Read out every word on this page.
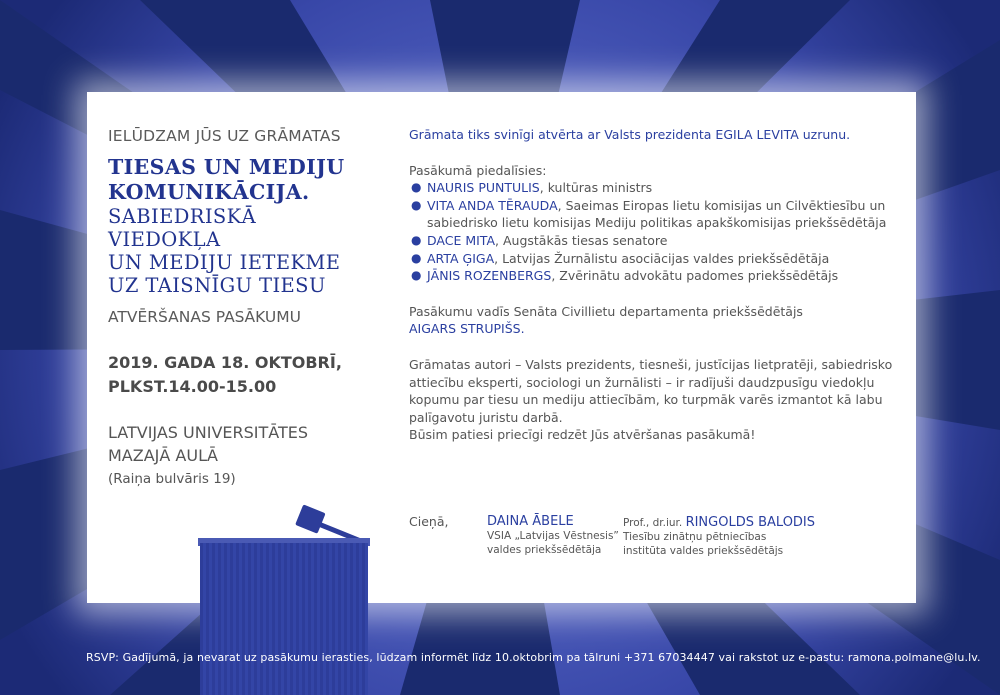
IELŪDZAM JŪS UZ GRĀMATAS
TIESAS UN MEDIJU
KOMUNIKĀCIJA.
SABIEDRISKĀ
VIEDOKĻA
UN MEDIJU IETEKME
UZ TAISNĪGU TIESU
ATVĒRŠANAS PASĀKUMU
2019. GADA 18. OKTOBRĪ,
PLKST.14.00-15.00
LATVIJAS UNIVERSITĀTES
MAZAJĀ AULĀ
(Raiņa bulvāris 19)
Grāmata tiks svinīgi atvērta ar Valsts prezidenta EGILA LEVITA uzrunu.
Pasākumā piedalīsies:
● NAURIS PUNTULIS, kultūras ministrs
● VITA ANDA TĒRAUDA, Saeimas Eiropas lietu komisijas un Cilvēktiesību un sabiedrisko lietu komisijas Mediju politikas apakškomisijas priekšsēdētāja
● DACE MITA, Augstākās tiesas senatore
● ARTA ĢIGA, Latvijas Žurnālistu asociācijas valdes priekšsēdētāja
● JĀNIS ROZENBERGS, Zvērinātu advokātu padomes priekšsēdētājs
Pasākumu vadīs Senāta Civillietu departamenta priekšsēdētājs
AIGARS STRUPIŠS.
Grāmatas autori – Valsts prezidents, tiesneši, justīcijas lietpratēji, sabiedrisko attiecību eksperti, sociologi un žurnālisti – ir radījuši daudzpusīgu viedokļu kopumu par tiesu un mediju attiecībām, ko turpmāk varēs izmantot kā labu palīgavotu juristu darbā.
Būsim patiesi priecīgi redzēt Jūs atvēršanas pasākumā!
Cieņā,	DAINA ĀBELE
VSIA „Latvijas Vēstnesis”
valdes priekšsēdētāja
Prof., dr.iur. RINGOLDS BALODIS
Tiesību zinātņu pētniecības
institūta valdes priekšsēdētājs
RSVP: Gadījumā, ja nevarat uz pasākumu ierasties, lūdzam informēt līdz 10.oktobrim pa tālruni +371 67034447 vai rakstot uz e-pastu: ramona.polmane@lu.lv.
